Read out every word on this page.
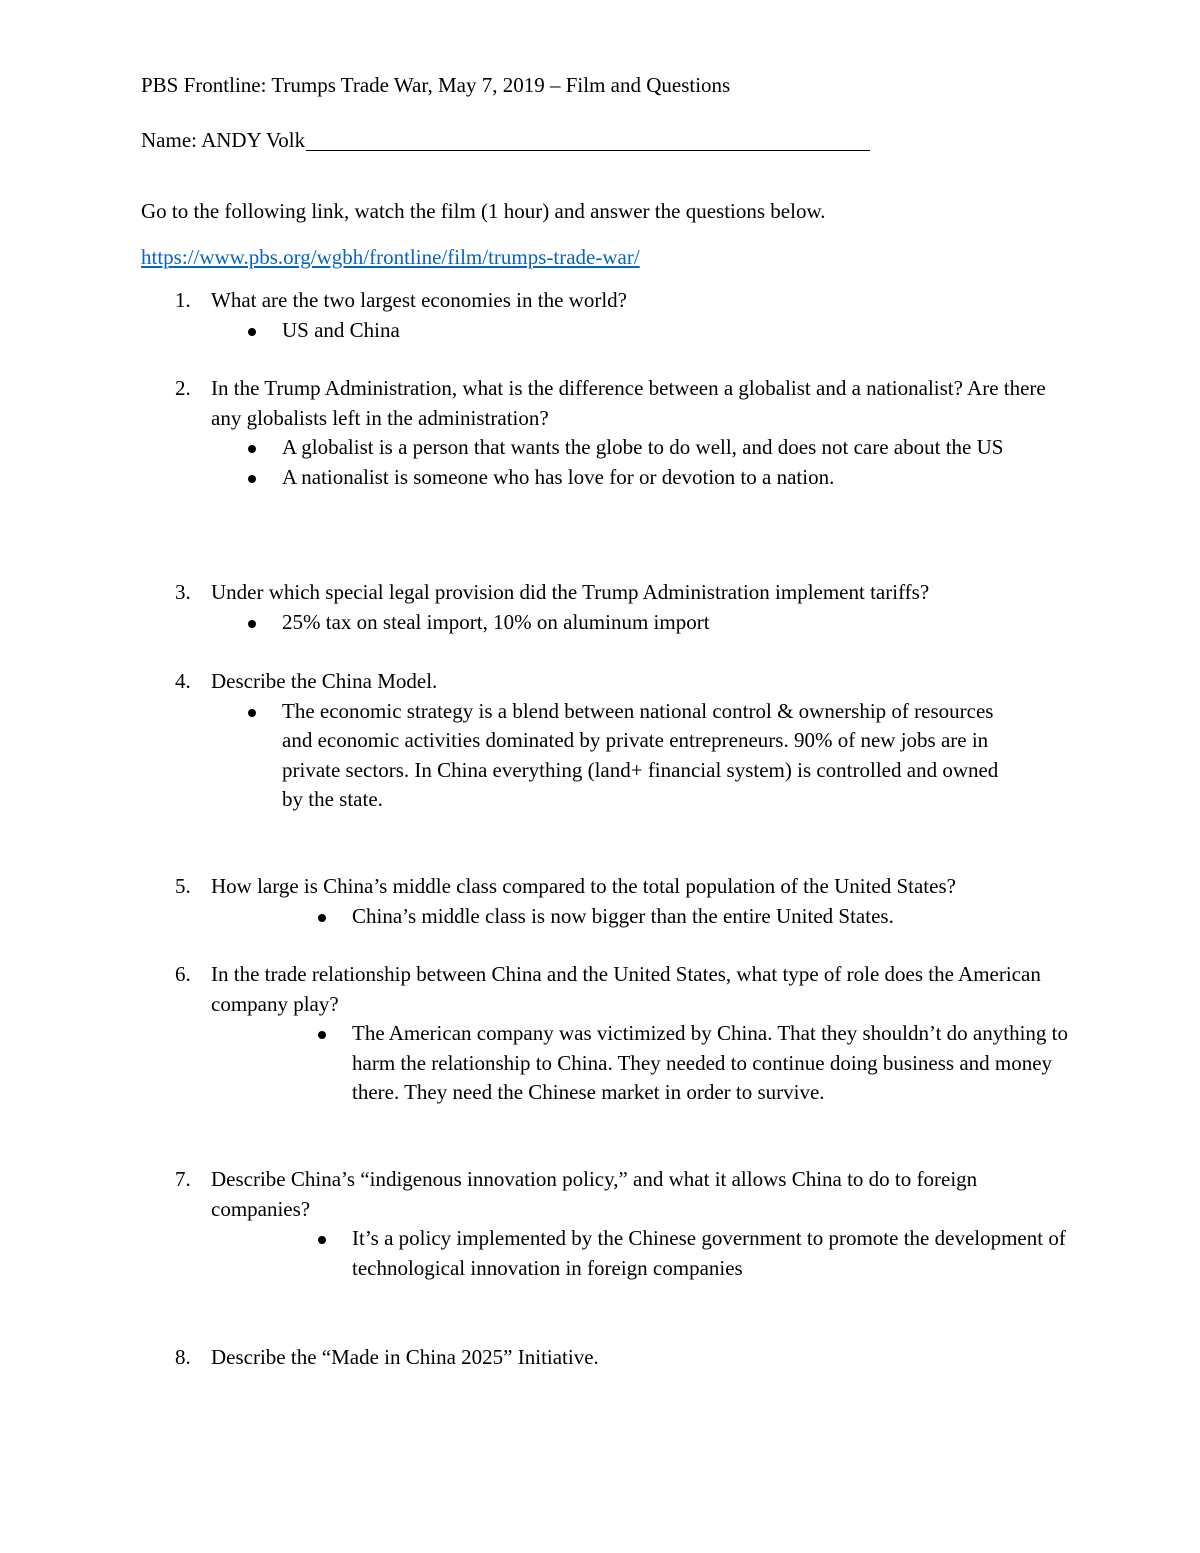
PBS Frontline: Trumps Trade War, May 7, 2019 – Film and Questions
Name: ANDY Volk
Go to the following link, watch the film (1 hour) and answer the questions below.
https://www.pbs.org/wgbh/frontline/film/trumps-trade-war/
1. What are the two largest economies in the world?
US and China
2. In the Trump Administration, what is the difference between a globalist and a nationalist? Are there any globalists left in the administration?
A globalist is a person that wants the globe to do well, and does not care about the US
A nationalist is someone who has love for or devotion to a nation.
3. Under which special legal provision did the Trump Administration implement tariffs?
25% tax on steal import, 10% on aluminum import
4. Describe the China Model.
The economic strategy is a blend between national control & ownership of resources and economic activities dominated by private entrepreneurs. 90% of new jobs are in private sectors. In China everything (land+ financial system) is controlled and owned by the state.
5. How large is China’s middle class compared to the total population of the United States?
China’s middle class is now bigger than the entire United States.
6. In the trade relationship between China and the United States, what type of role does the American company play?
The American company was victimized by China. That they shouldn’t do anything to harm the relationship to China. They needed to continue doing business and money there. They need the Chinese market in order to survive.
7. Describe China’s “indigenous innovation policy,” and what it allows China to do to foreign companies?
It’s a policy implemented by the Chinese government to promote the development of technological innovation in foreign companies
8. Describe the “Made in China 2025” Initiative.
